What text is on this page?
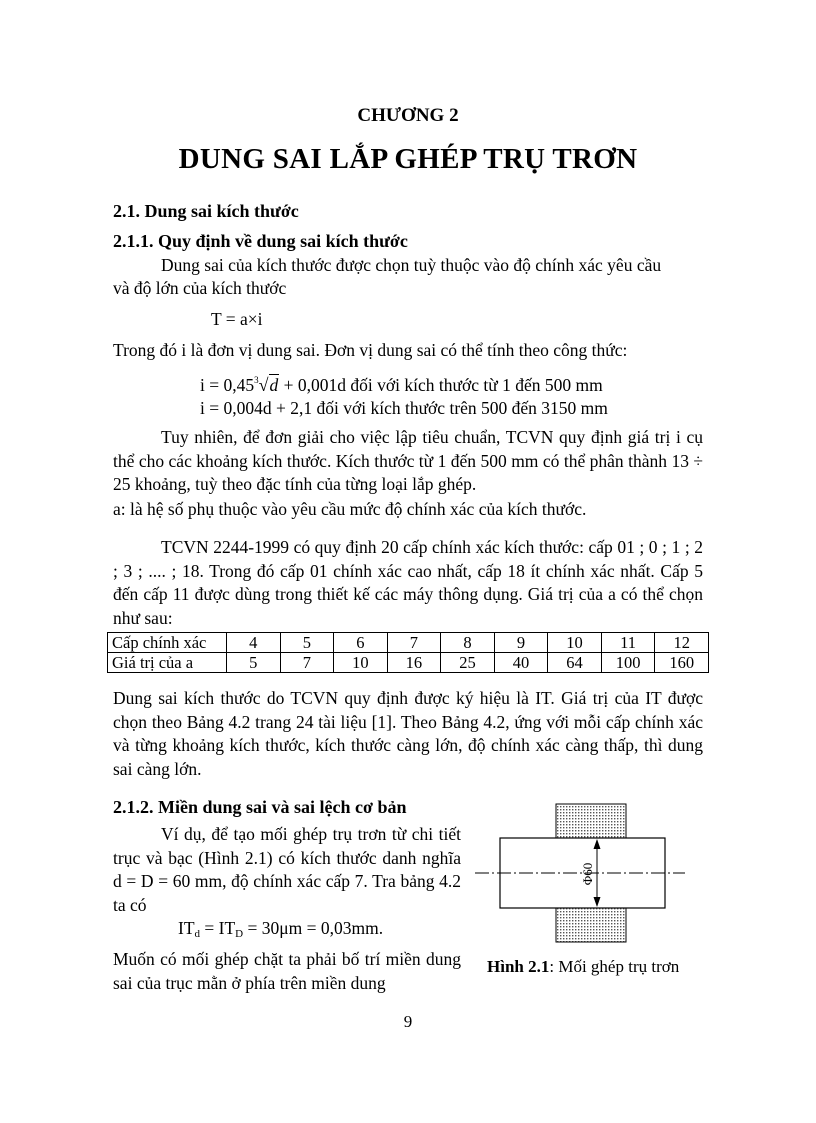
CHƯƠNG 2
DUNG SAI LẮP GHÉP TRỤ TRƠN
2.1. Dung sai kích thước
2.1.1. Quy định về dung sai kích thước
Dung sai của kích thước được chọn tuỳ thuộc vào độ chính xác yêu cầu
và độ lớn của kích thước
T = a×i
Trong đó i là đơn vị dung sai. Đơn vị dung sai có thể tính theo công thức:
$i = 0,45^3√d + 0,001d$ đối với kích thước từ 1 đến 500 mm
i = 0,004d + 2,1 đối với kích thước trên 500 đến 3150 mm
Tuy nhiên, để đơn giải cho việc lập tiêu chuẩn, TCVN quy định giá trị i cụ thể cho các khoảng kích thước. Kích thước từ 1 đến 500 mm có thể phân thành 13 ÷ 25 khoảng, tuỳ theo đặc tính của từng loại lắp ghép.
a: là hệ số phụ thuộc vào yêu cầu mức độ chính xác của kích thước.
TCVN 2244-1999 có quy định 20 cấp chính xác kích thước: cấp 01 ; 0 ; 1 ; 2 ; 3 ; .... ; 18. Trong đó cấp 01 chính xác cao nhất, cấp 18 ít chính xác nhất. Cấp 5 đến cấp 11 được dùng trong thiết kế các máy thông dụng. Giá trị của a có thể chọn như sau:
Cấp chính xác	4	5	6	7	8	9	10	11	12
Giá trị của a	5	7	10	16	25	40	64	100	160
Dung sai kích thước do TCVN quy định được ký hiệu là IT. Giá trị của IT được chọn theo Bảng 4.2 trang 24 tài liệu [1]. Theo Bảng 4.2, ứng với mỗi cấp chính xác và từng khoảng kích thước, kích thước càng lớn, độ chính xác càng thấp, thì dung sai càng lớn.
2.1.2. Miền dung sai và sai lệch cơ bản
Ví dụ, để tạo mối ghép trụ trơn từ chi tiết trục và bạc (Hình 2.1) có kích thước danh nghĩa d = D = 60 mm, độ chính xác cấp 7. Tra bảng 4.2 ta có
$IT_d = IT_D = 30\mu m = 0,03mm$.
Muốn có mối ghép chặt ta phải bố trí miền dung sai của trục mằn ở phía trên miền dung
Φ60
Hình 2.1: Mối ghép trụ trơn
9
